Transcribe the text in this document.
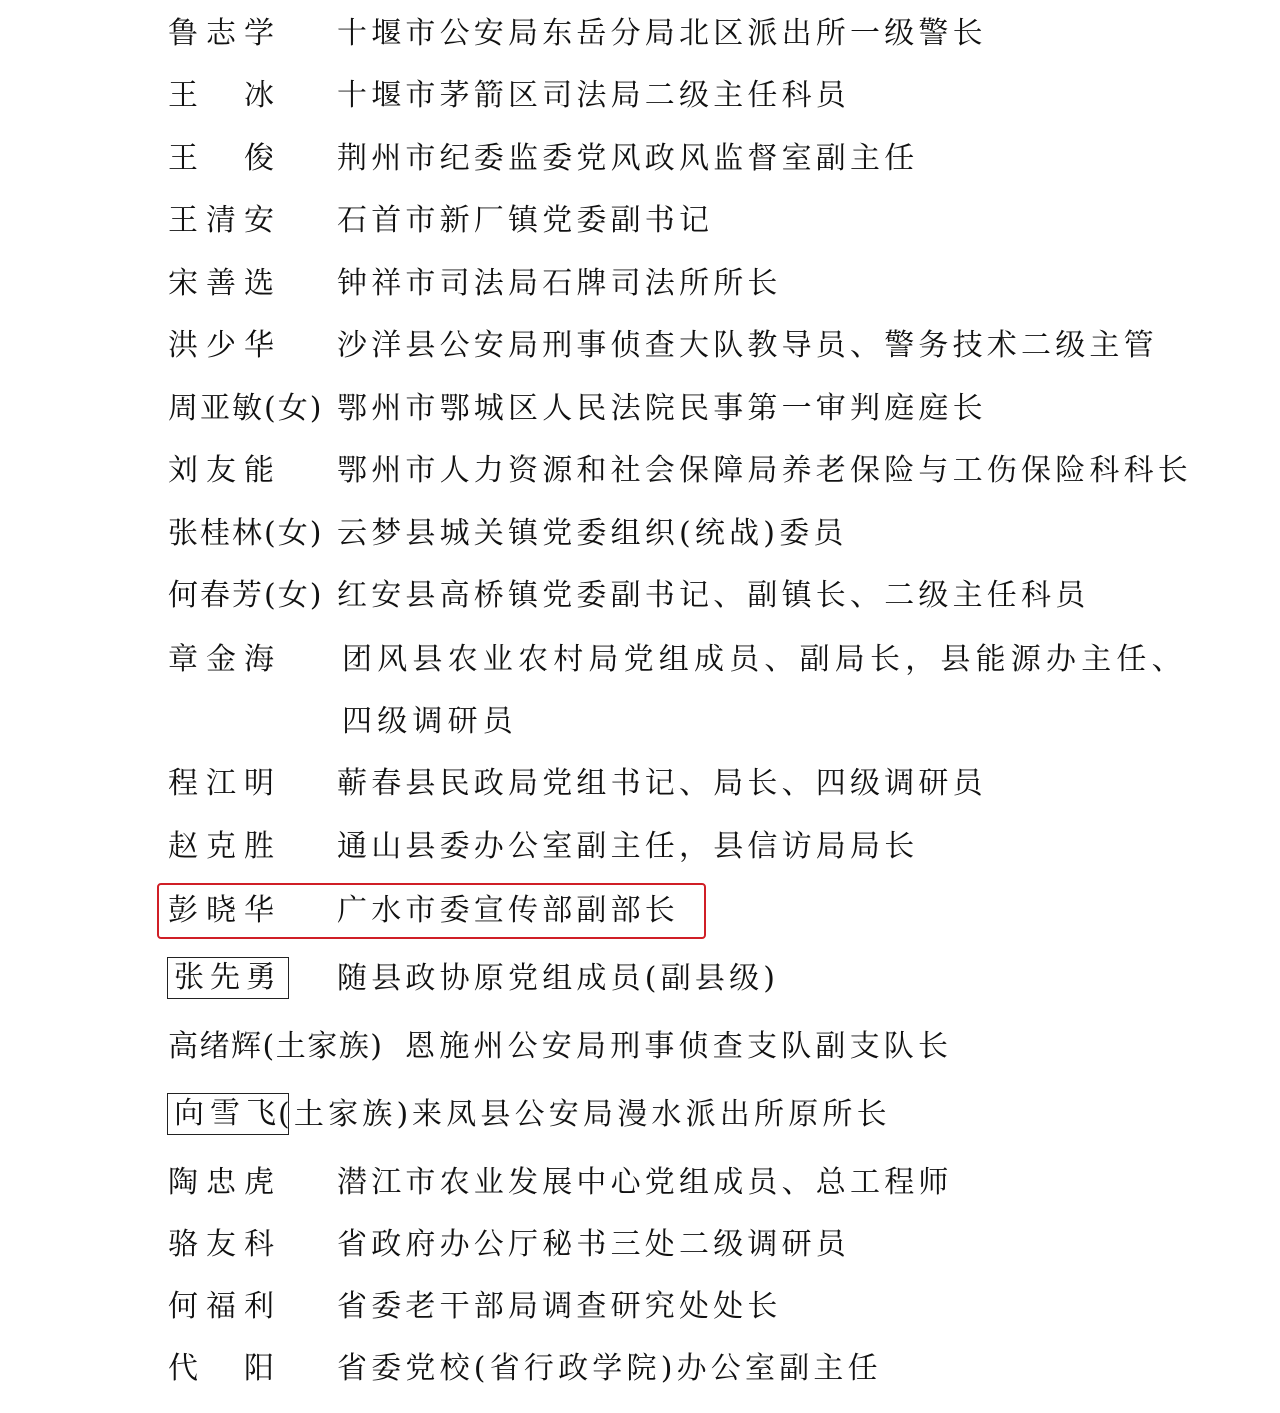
鲁志学 十堰市公安局东岳分局北区派出所一级警长
王　冰 十堰市茅箭区司法局二级主任科员
王　俊 荆州市纪委监委党风政风监督室副主任
王清安 石首市新厂镇党委副书记
宋善选 钟祥市司法局石牌司法所所长
洪少华 沙洋县公安局刑事侦查大队教导员、警务技术二级主管
周亚敏(女) 鄂州市鄂城区人民法院民事第一审判庭庭长
刘友能 鄂州市人力资源和社会保障局养老保险与工伤保险科科长
张桂林(女) 云梦县城关镇党委组织(统战)委员
何春芳(女) 红安县高桥镇党委副书记、副镇长、二级主任科员
章金海 团风县农业农村局党组成员、副局长，县能源办主任、
四级调研员
程江明 蕲春县民政局党组书记、局长、四级调研员
赵克胜 通山县委办公室副主任，县信访局局长
彭晓华 广水市委宣传部副部长
张先勇 随县政协原党组成员(副县级)
高绪辉(土家族) 恩施州公安局刑事侦查支队副支队长
向雪飞
(土家族) 来凤县公安局漫水派出所原所长
陶忠虎 潜江市农业发展中心党组成员、总工程师
骆友科 省政府办公厅秘书三处二级调研员
何福利 省委老干部局调查研究处处长
代　阳 省委党校(省行政学院)办公室副主任
